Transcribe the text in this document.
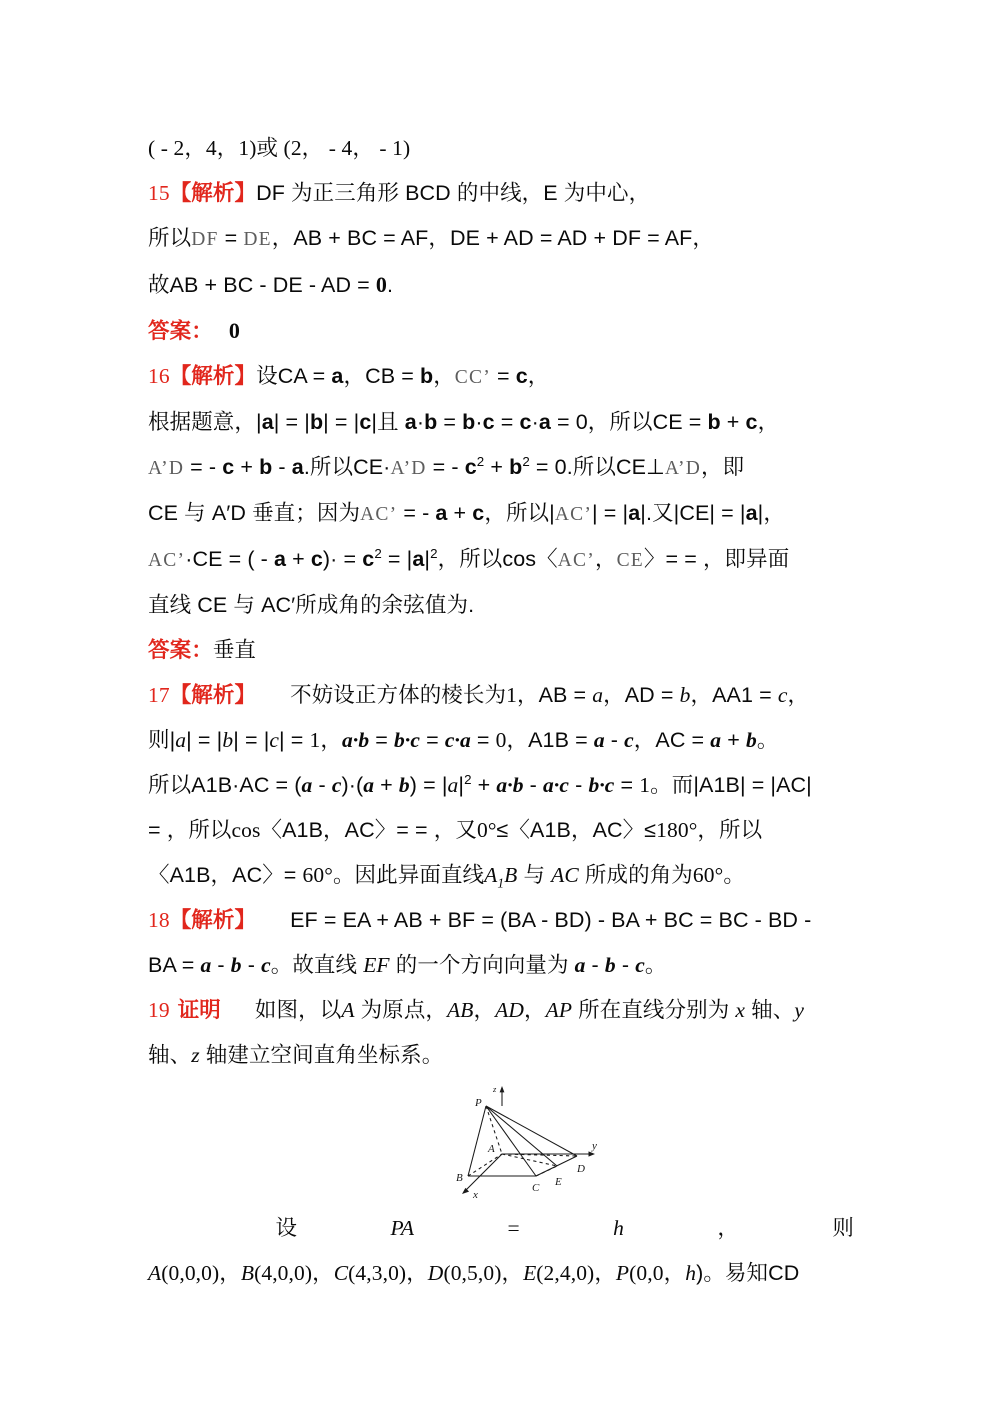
( - 2，4，1)或 (2， - 4， - 1)
15【解析】DF 为正三角形 BCD 的中线，E 为中心，
所以DF = DE，AB + BC = AF，DE + AD = AD + DF = AF，
故AB + BC - DE - AD = 0.
答案： 0
16【解析】设CA = a，CB = b，CC’ = c，
根据题意，|a| = |b| = |c|且 a·b = b·c = c·a = 0，所以CE = b + c，
A’D = - c + b - a.所以CE·A’D = - $c^2 + b^2 = 0$.所以CE⊥A’D，即
CE 与 A′D 垂直；因为AC’ = - a + c，所以|AC’| = |a|.又|CE| = |a|，
AC’·CE = ( - $a + c)\cdot = c^2 = |a|^2$，所以cos〈AC’，CE〉= = ，即异面
直线 CE 与 AC′所成角的余弦值为.
答案：垂直
17【解析】 不妨设正方体的棱长为1，AB = a，AD = b，AA1 = c，
则|a| = |b| = |c| = 1，a·b = b·c = c·a = 0，A1B = a - c，AC = a + b。
所以$A1B\cdot AC = (a - c)\cdot(a + b) = |a|^2 + a\cdot b - a\cdot c - b\cdot c = 1$。而|A1B| = |AC|
= ，所以cos〈A1B，AC〉= = ，又0°≤〈A1B，AC〉≤180°，所以
〈A1B，AC〉= 60°。因此异面直线$A_1B$ 与 AC 所成的角为60°。
18【解析】 EF = EA + AB + BF = (BA - BD) - BA + BC = BC - BD -
BA = a - b - c。故直线 EF 的一个方向向量为 a - b - c。
19 证明 如图，以A 为原点，AB，AD，AP 所在直线分别为 x 轴、y
轴、z 轴建立空间直角坐标系。
z
y
x
P
A
B
C
D
E
设	PA	=	h	，	则
A(0,0,0)，B(4,0,0)，C(4,3,0)，D(0,5,0)，E(2,4,0)，P(0,0，h)。易知CD
